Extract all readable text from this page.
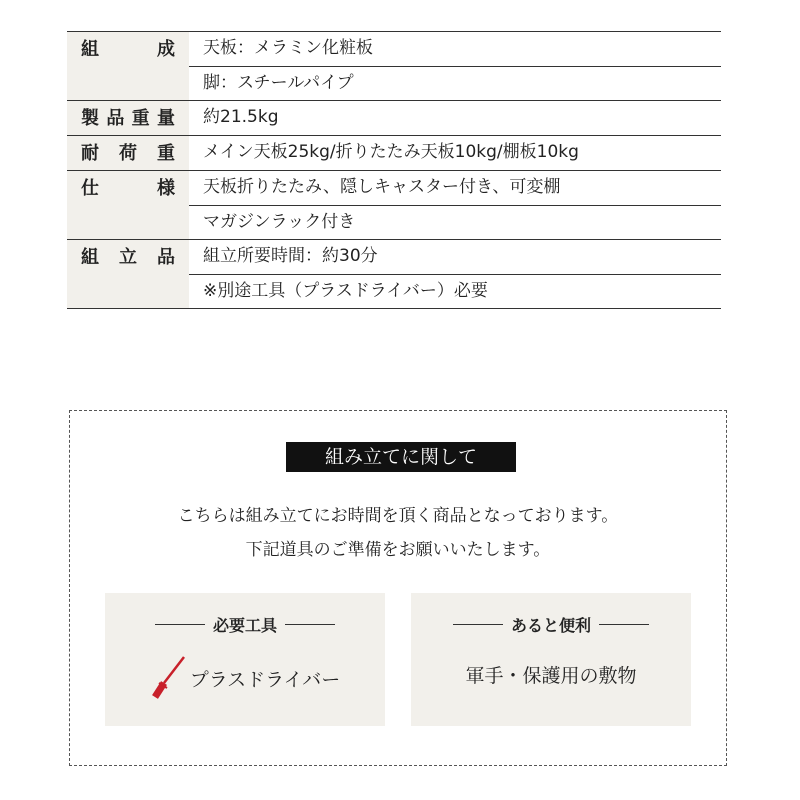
組成	天板：メラミン化粧板
脚：スチールパイプ
製品重量	約21.5kg
耐荷重	メイン天板25kg/折りたたみ天板10kg/棚板10kg
仕様	天板折りたたみ、隠しキャスター付き、可変棚
マガジンラック付き
組立品	組立所要時間：約30分
※別途工具（プラスドライバー）必要
組み立てに関して
こちらは組み立てにお時間を頂く商品となっております。
下記道具のご準備をお願いいたします。
必要工具
プラスドライバー
あると便利
軍手・保護用の敷物
